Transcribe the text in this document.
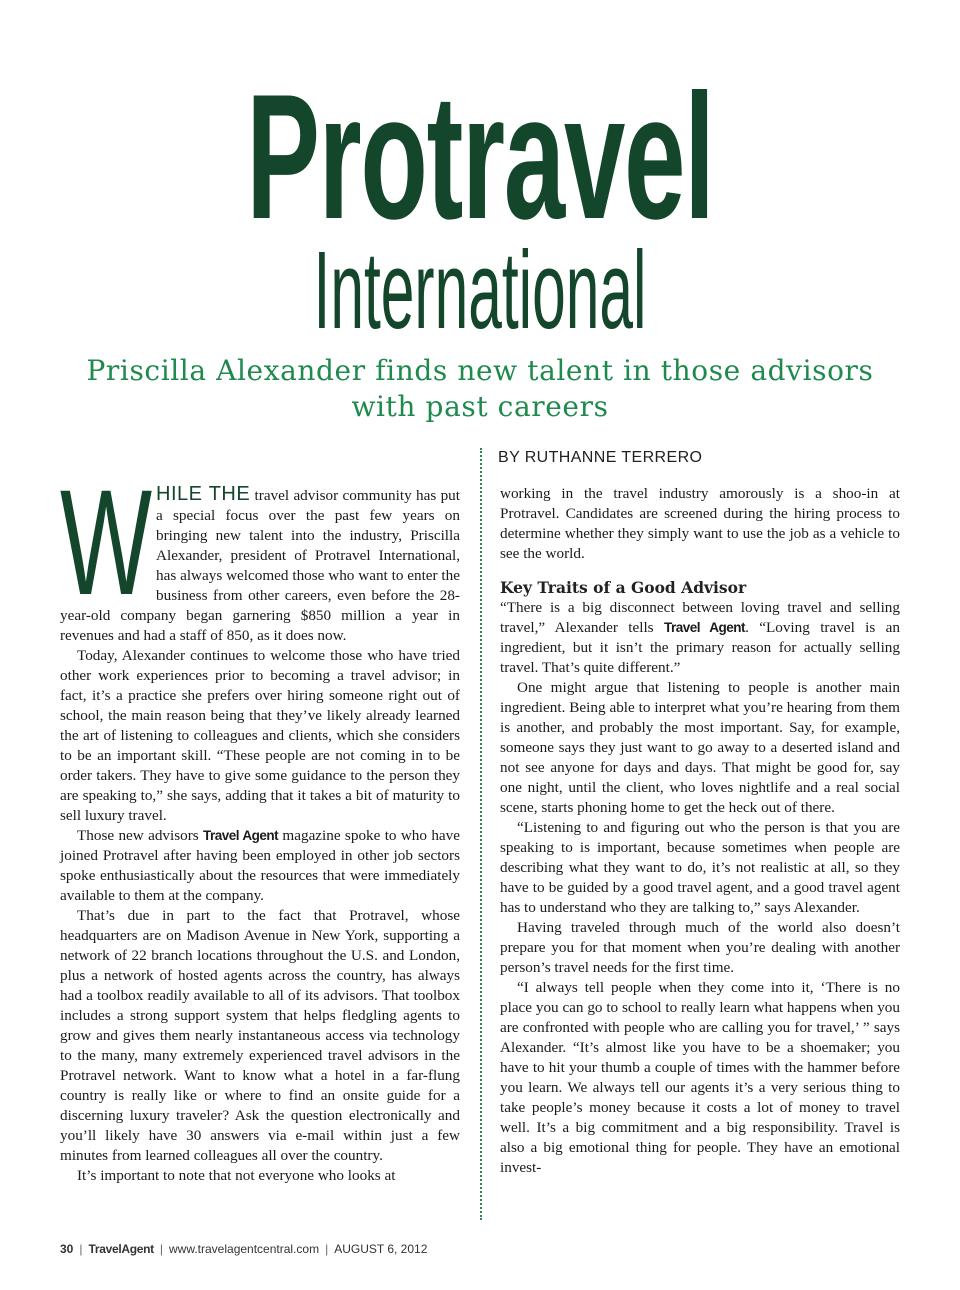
Protravel
International
Priscilla Alexander finds new talent in those advisors with past careers
BY RUTHANNE TERRERO

WHILE THE travel advisor community has put a special focus over the past few years on bringing new talent into the industry, Priscilla Alexander, president of Protravel International, has always welcomed those who want to enter the business from other careers, even before the 28-year-old company began garnering $850 million a year in revenues and had a staff of 850, as it does now.

Today, Alexander continues to welcome those who have tried other work experiences prior to becoming a travel advisor; in fact, it’s a practice she prefers over hiring someone right out of school, the main reason being that they’ve likely already learned the art of listening to colleagues and clients, which she considers to be an important skill. “These people are not coming in to be order takers. They have to give some guidance to the person they are speaking to,” she says, adding that it takes a bit of maturity to sell luxury travel.

Those new advisors Travel Agent magazine spoke to who have joined Protravel after having been employed in other job sectors spoke enthusiastically about the resources that were immediately available to them at the company.

That’s due in part to the fact that Protravel, whose headquarters are on Madison Avenue in New York, supporting a network of 22 branch locations throughout the U.S. and London, plus a network of hosted agents across the country, has always had a toolbox readily available to all of its advisors. That toolbox includes a strong support system that helps fledgling agents to grow and gives them nearly instantaneous access via technology to the many, many extremely experienced travel advisors in the Protravel network. Want to know what a hotel in a far-flung country is really like or where to find an onsite guide for a discerning luxury traveler? Ask the question electronically and you’ll likely have 30 answers via e-mail within just a few minutes from learned colleagues all over the country.

It’s important to note that not everyone who looks at

working in the travel industry amorously is a shoo-in at Protravel. Candidates are screened during the hiring process to determine whether they simply want to use the job as a vehicle to see the world.

Key Traits of a Good Advisor

“There is a big disconnect between loving travel and selling travel,” Alexander tells Travel Agent. “Loving travel is an ingredient, but it isn’t the primary reason for actually selling travel. That’s quite different.”

One might argue that listening to people is another main ingredient. Being able to interpret what you’re hearing from them is another, and probably the most important. Say, for example, someone says they just want to go away to a deserted island and not see anyone for days and days. That might be good for, say one night, until the client, who loves nightlife and a real social scene, starts phoning home to get the heck out of there.

“Listening to and figuring out who the person is that you are speaking to is important, because sometimes when people are describing what they want to do, it’s not realistic at all, so they have to be guided by a good travel agent, and a good travel agent has to understand who they are talking to,” says Alexander.

Having traveled through much of the world also doesn’t prepare you for that moment when you’re dealing with another person’s travel needs for the first time.

“I always tell people when they come into it, ‘There is no place you can go to school to really learn what happens when you are confronted with people who are calling you for travel,’ ” says Alexander. “It’s almost like you have to be a shoemaker; you have to hit your thumb a couple of times with the hammer before you learn. We always tell our agents it’s a very serious thing to take people’s money because it costs a lot of money to travel well. It’s a big commitment and a big responsibility. Travel is also a big emotional thing for people. They have an emotional invest-

30 | TravelAgent | www.travelagentcentral.com | AUGUST 6, 2012
